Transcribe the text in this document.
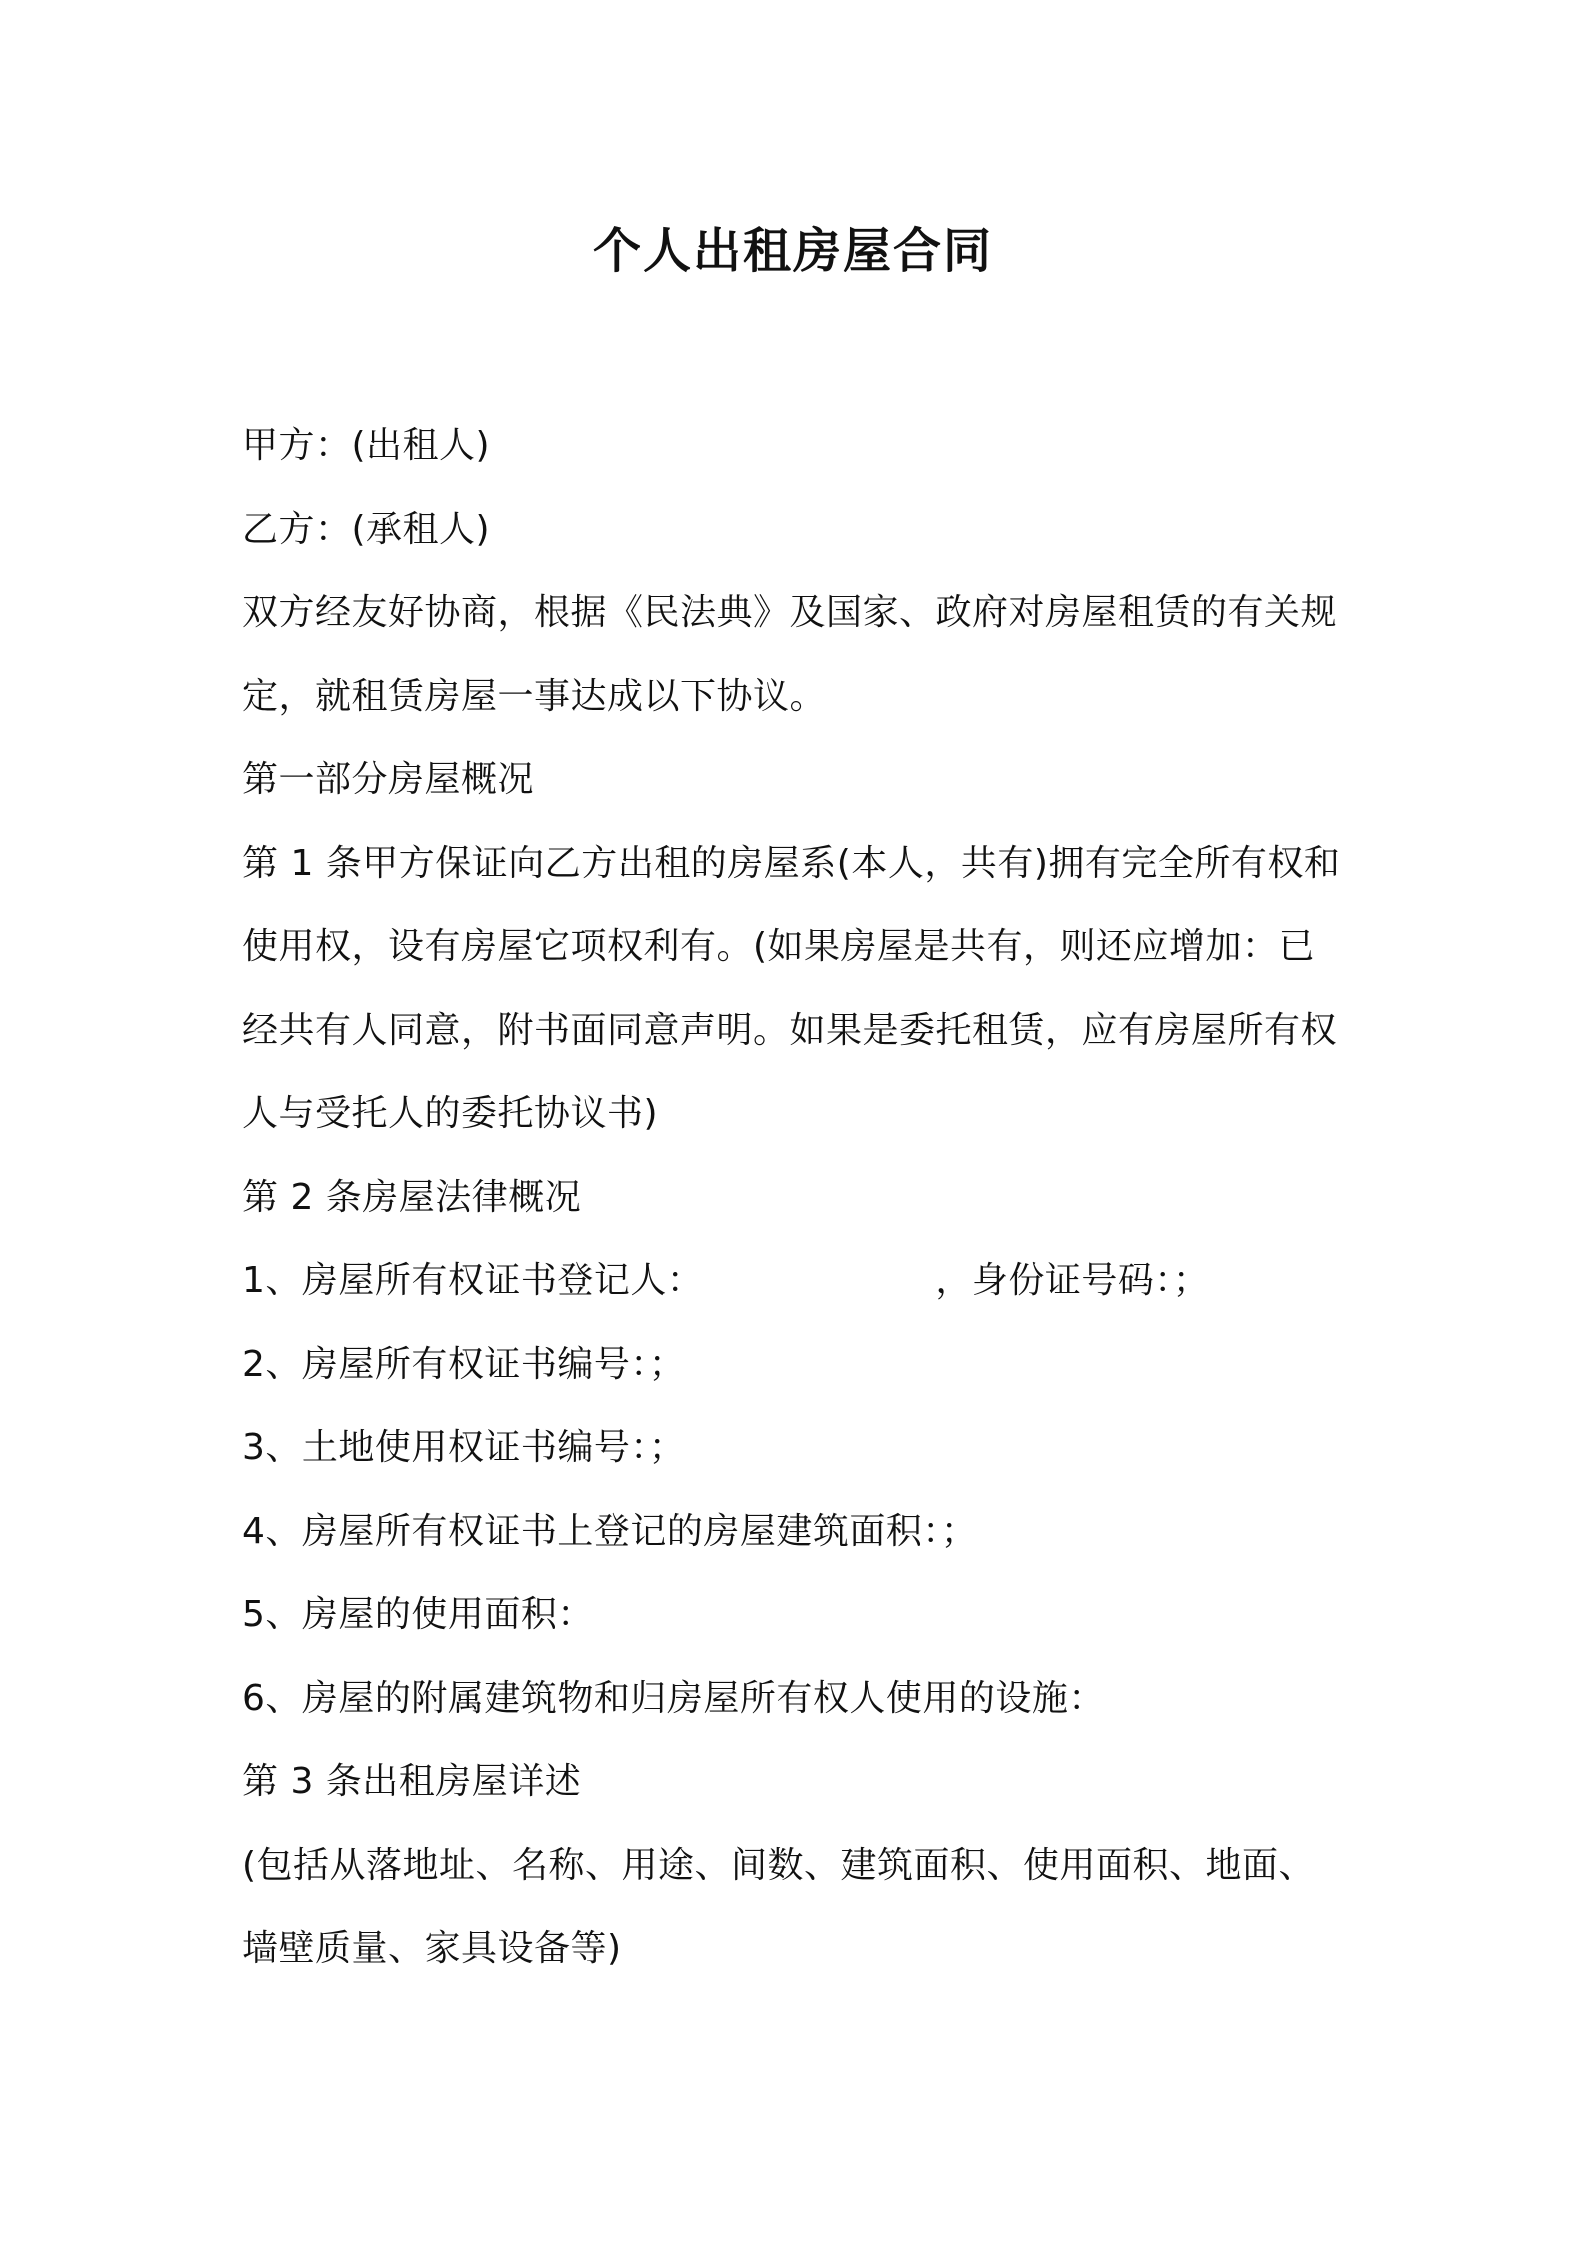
个人出租房屋合同
甲方：(出租人)
乙方：(承租人)
双方经友好协商，根据《民法典》及国家、政府对房屋租赁的有关规
定，就租赁房屋一事达成以下协议。
第一部分房屋概况
第 1 条甲方保证向乙方出租的房屋系(本人，共有)拥有完全所有权和
使用权，设有房屋它项权利有。(如果房屋是共有，则还应增加：已
经共有人同意，附书面同意声明。如果是委托租赁，应有房屋所有权
人与受托人的委托协议书)
第 2 条房屋法律概况
1、房屋所有权证书登记人：	，身份证号码：；
2、房屋所有权证书编号：；
3、土地使用权证书编号：；
4、房屋所有权证书上登记的房屋建筑面积：；
5、房屋的使用面积：
6、房屋的附属建筑物和归房屋所有权人使用的设施：
第 3 条出租房屋详述
(包括从落地址、名称、用途、间数、建筑面积、使用面积、地面、
墙壁质量、家具设备等)
